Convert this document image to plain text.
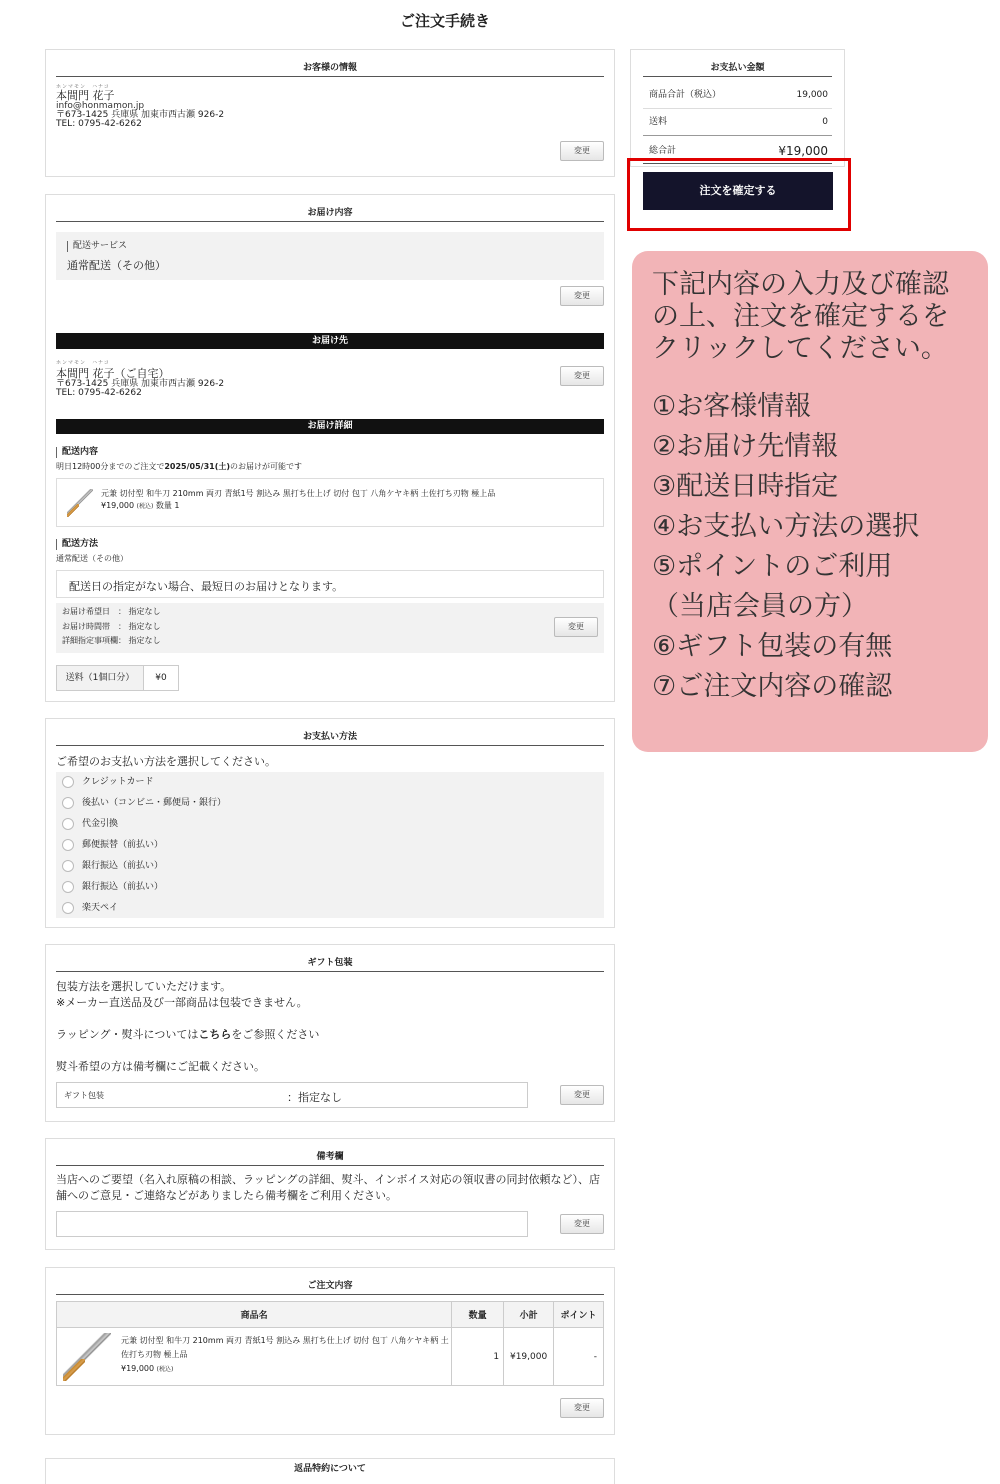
ご注文手続き
お客様の情報
ホンマモン　ハナコ
本間門 花子
info@honmamon.jp
〒673-1425 兵庫県 加東市西古瀬 926-2
TEL: 0795-42-6262
変更
お支払い金額
商品合計（税込）	19,000
送料	0
総合計	¥19,000
注文を確定する
お届け内容
配送サービス
通常配送（その他）
変更
お届け先
ホンマモン　ハナコ
本間門 花子（ご自宅）
〒673-1425 兵庫県 加東市西古瀬 926-2
TEL: 0795-42-6262
変更
お届け詳細
配送内容
明日12時00分までのご注文で2025/05/31(土)のお届けが可能です
元兼 切付型 和牛刀 210mm 両刃 青紙1号 割込み 黒打ち仕上げ 切付 包丁 八角ケヤキ柄 土佐打ち刃物 極上品
¥19,000 (税込) 数量 1
配送方法
通常配送（その他）
配送日の指定がない場合、最短日のお届けとなります。
お届け希望日　： 指定なし
お届け時間帯　： 指定なし
詳細指定事項欄： 指定なし
変更
送料（1個口分）	¥0
お支払い方法
ご希望のお支払い方法を選択してください。
クレジットカード
後払い（コンビニ・郵便局・銀行）
代金引換
郵便振替（前払い）
銀行振込（前払い）
銀行振込（前払い）
楽天ペイ
ギフト包装
包装方法を選択していただけます。
※メーカー直送品及び一部商品は包装できません。
ラッピング・熨斗についてはこちらをご参照ください
熨斗希望の方は備考欄にご記載ください。
ギフト包装	：指定なし	変更
備考欄
当店へのご要望（名入れ原稿の相談、ラッピングの詳細、熨斗、インボイス対応の領収書の同封依頼など）、店舗へのご意見・ご連絡などがありましたら備考欄をご利用ください。
変更
ご注文内容
商品名	数量	小計	ポイント

元兼 切付型 和牛刀 210mm 両刃 青紙1号 割込み 黒打ち仕上げ 切付 包丁 八角ケヤキ柄 土佐打ち刃物 極上品
¥19,000 (税込)	1	¥19,000	-
変更
返品特約について
下記内容の入力及び確認の上、注文を確定するをクリックしてください。
①お客様情報
②お届け先情報
③配送日時指定
④お支払い方法の選択
⑤ポイントのご利用
（当店会員の方）
⑥ギフト包装の有無
⑦ご注文内容の確認
